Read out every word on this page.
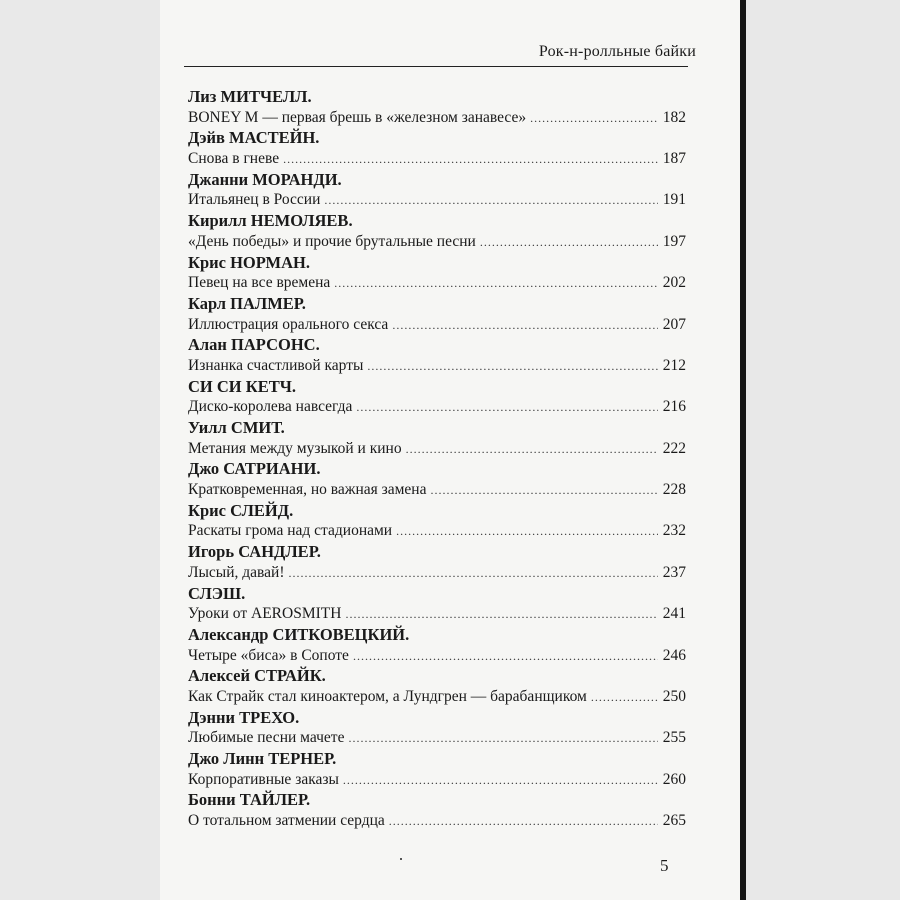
Рок-н-ролльные байки
Лиз МИТЧЕЛЛ.
BONEY M — первая брешь в «железном занавесе» .....	182
Дэйв МАСТЕЙН.
Снова в гневе .....	187
Джанни МОРАНДИ.
Итальянец в России .....	191
Кирилл НЕМОЛЯЕВ.
«День победы» и прочие брутальные песни .....	197
Крис НОРМАН.
Певец на все времена .....	202
Карл ПАЛМЕР.
Иллюстрация орального секса .....	207
Алан ПАРСОНС.
Изнанка счастливой карты .....	212
СИ СИ КЕТЧ.
Диско-королева навсегда .....	216
Уилл СМИТ.
Метания между музыкой и кино .....	222
Джо САТРИАНИ.
Кратковременная, но важная замена .....	228
Крис СЛЕЙД.
Раскаты грома над стадионами .....	232
Игорь САНДЛЕР.
Лысый, давай! .....	237
СЛЭШ.
Уроки от AEROSMITH .....	241
Александр СИТКОВЕЦКИЙ.
Четыре «биса» в Сопоте .....	246
Алексей СТРАЙК.
Как Страйк стал киноактером, а Лундгрен — барабанщиком .....	250
Дэнни ТРЕХО.
Любимые песни мачете .....	255
Джо Линн ТЕРНЕР.
Корпоративные заказы .....	260
Бонни ТАЙЛЕР.
О тотальном затмении сердца .....	265
5
